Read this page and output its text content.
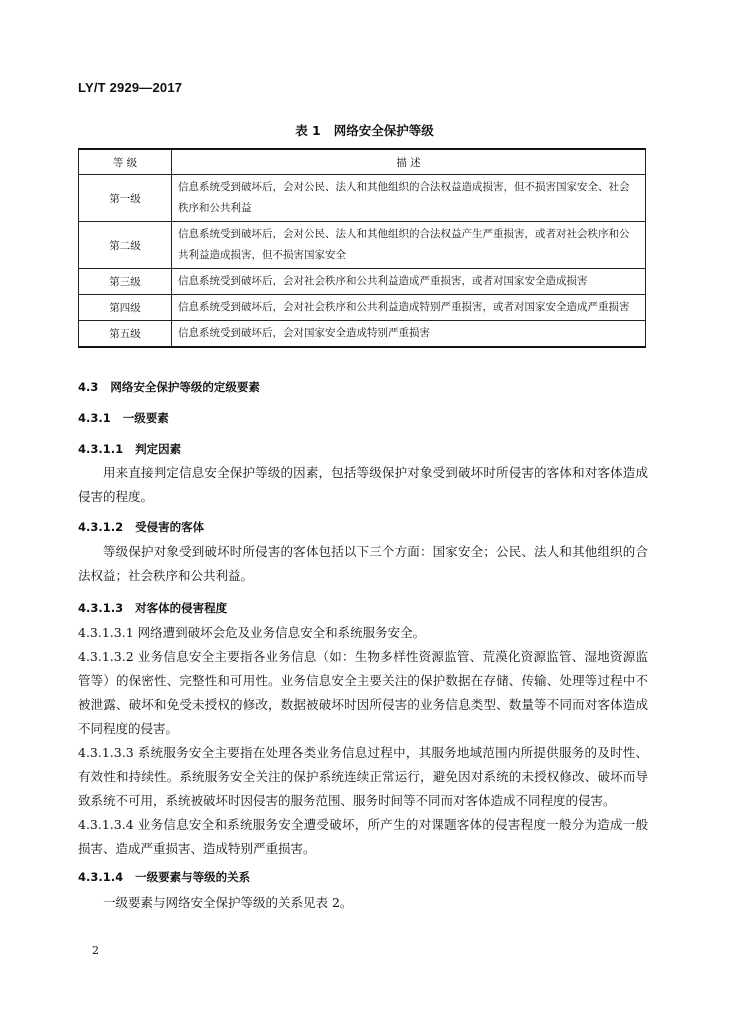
LY/T 2929—2017
表 1   网络安全保护等级
等 级	描 述
第一级	信息系统受到破坏后，会对公民、法人和其他组织的合法权益造成损害，但不损害国家安全、社会秩序和公共利益
第二级	信息系统受到破坏后，会对公民、法人和其他组织的合法权益产生严重损害，或者对社会秩序和公共利益造成损害，但不损害国家安全
第三级	信息系统受到破坏后，会对社会秩序和公共利益造成严重损害，或者对国家安全造成损害
第四级	信息系统受到破坏后，会对社会秩序和公共利益造成特别严重损害，或者对国家安全造成严重损害
第五级	信息系统受到破坏后，会对国家安全造成特别严重损害
4.3   网络安全保护等级的定级要素
4.3.1   一级要素
4.3.1.1   判定因素
用来直接判定信息安全保护等级的因素，包括等级保护对象受到破坏时所侵害的客体和对客体造成侵害的程度。
4.3.1.2   受侵害的客体
等级保护对象受到破坏时所侵害的客体包括以下三个方面：国家安全；公民、法人和其他组织的合法权益；社会秩序和公共利益。
4.3.1.3   对客体的侵害程度
4.3.1.3.1 网络遭到破坏会危及业务信息安全和系统服务安全。
4.3.1.3.2 业务信息安全主要指各业务信息（如：生物多样性资源监管、荒漠化资源监管、湿地资源监管等）的保密性、完整性和可用性。业务信息安全主要关注的保护数据在存储、传输、处理等过程中不被泄露、破坏和免受未授权的修改，数据被破坏时因所侵害的业务信息类型、数量等不同而对客体造成不同程度的侵害。
4.3.1.3.3 系统服务安全主要指在处理各类业务信息过程中，其服务地域范围内所提供服务的及时性、有效性和持续性。系统服务安全关注的保护系统连续正常运行，避免因对系统的未授权修改、破坏而导致系统不可用，系统被破坏时因侵害的服务范围、服务时间等不同而对客体造成不同程度的侵害。
4.3.1.3.4 业务信息安全和系统服务安全遭受破坏，所产生的对课题客体的侵害程度一般分为造成一般损害、造成严重损害、造成特别严重损害。
4.3.1.4   一级要素与等级的关系
一级要素与网络安全保护等级的关系见表 2。
2
